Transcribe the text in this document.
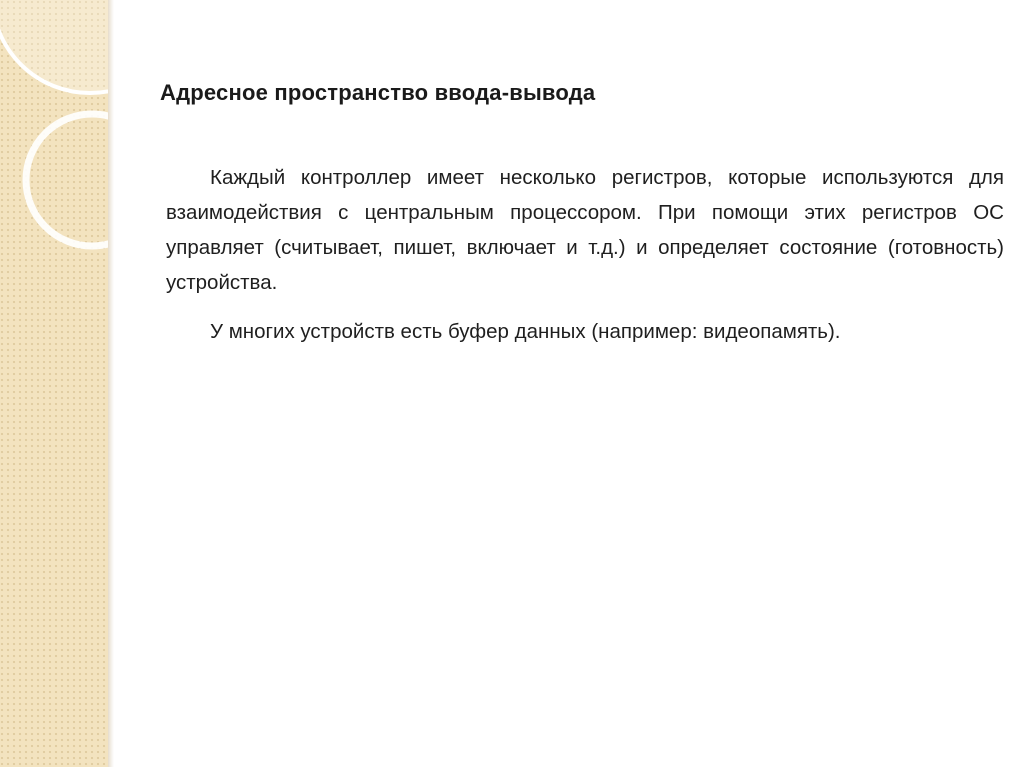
Адресное пространство ввода-вывода

Каждый контроллер имеет несколько регистров, которые используются для взаимодействия с центральным процессором. При помощи этих регистров ОС управляет (считывает, пишет, включает и т.д.) и определяет состояние (готовность) устройства.

У многих устройств есть буфер данных (например: видеопамять).
